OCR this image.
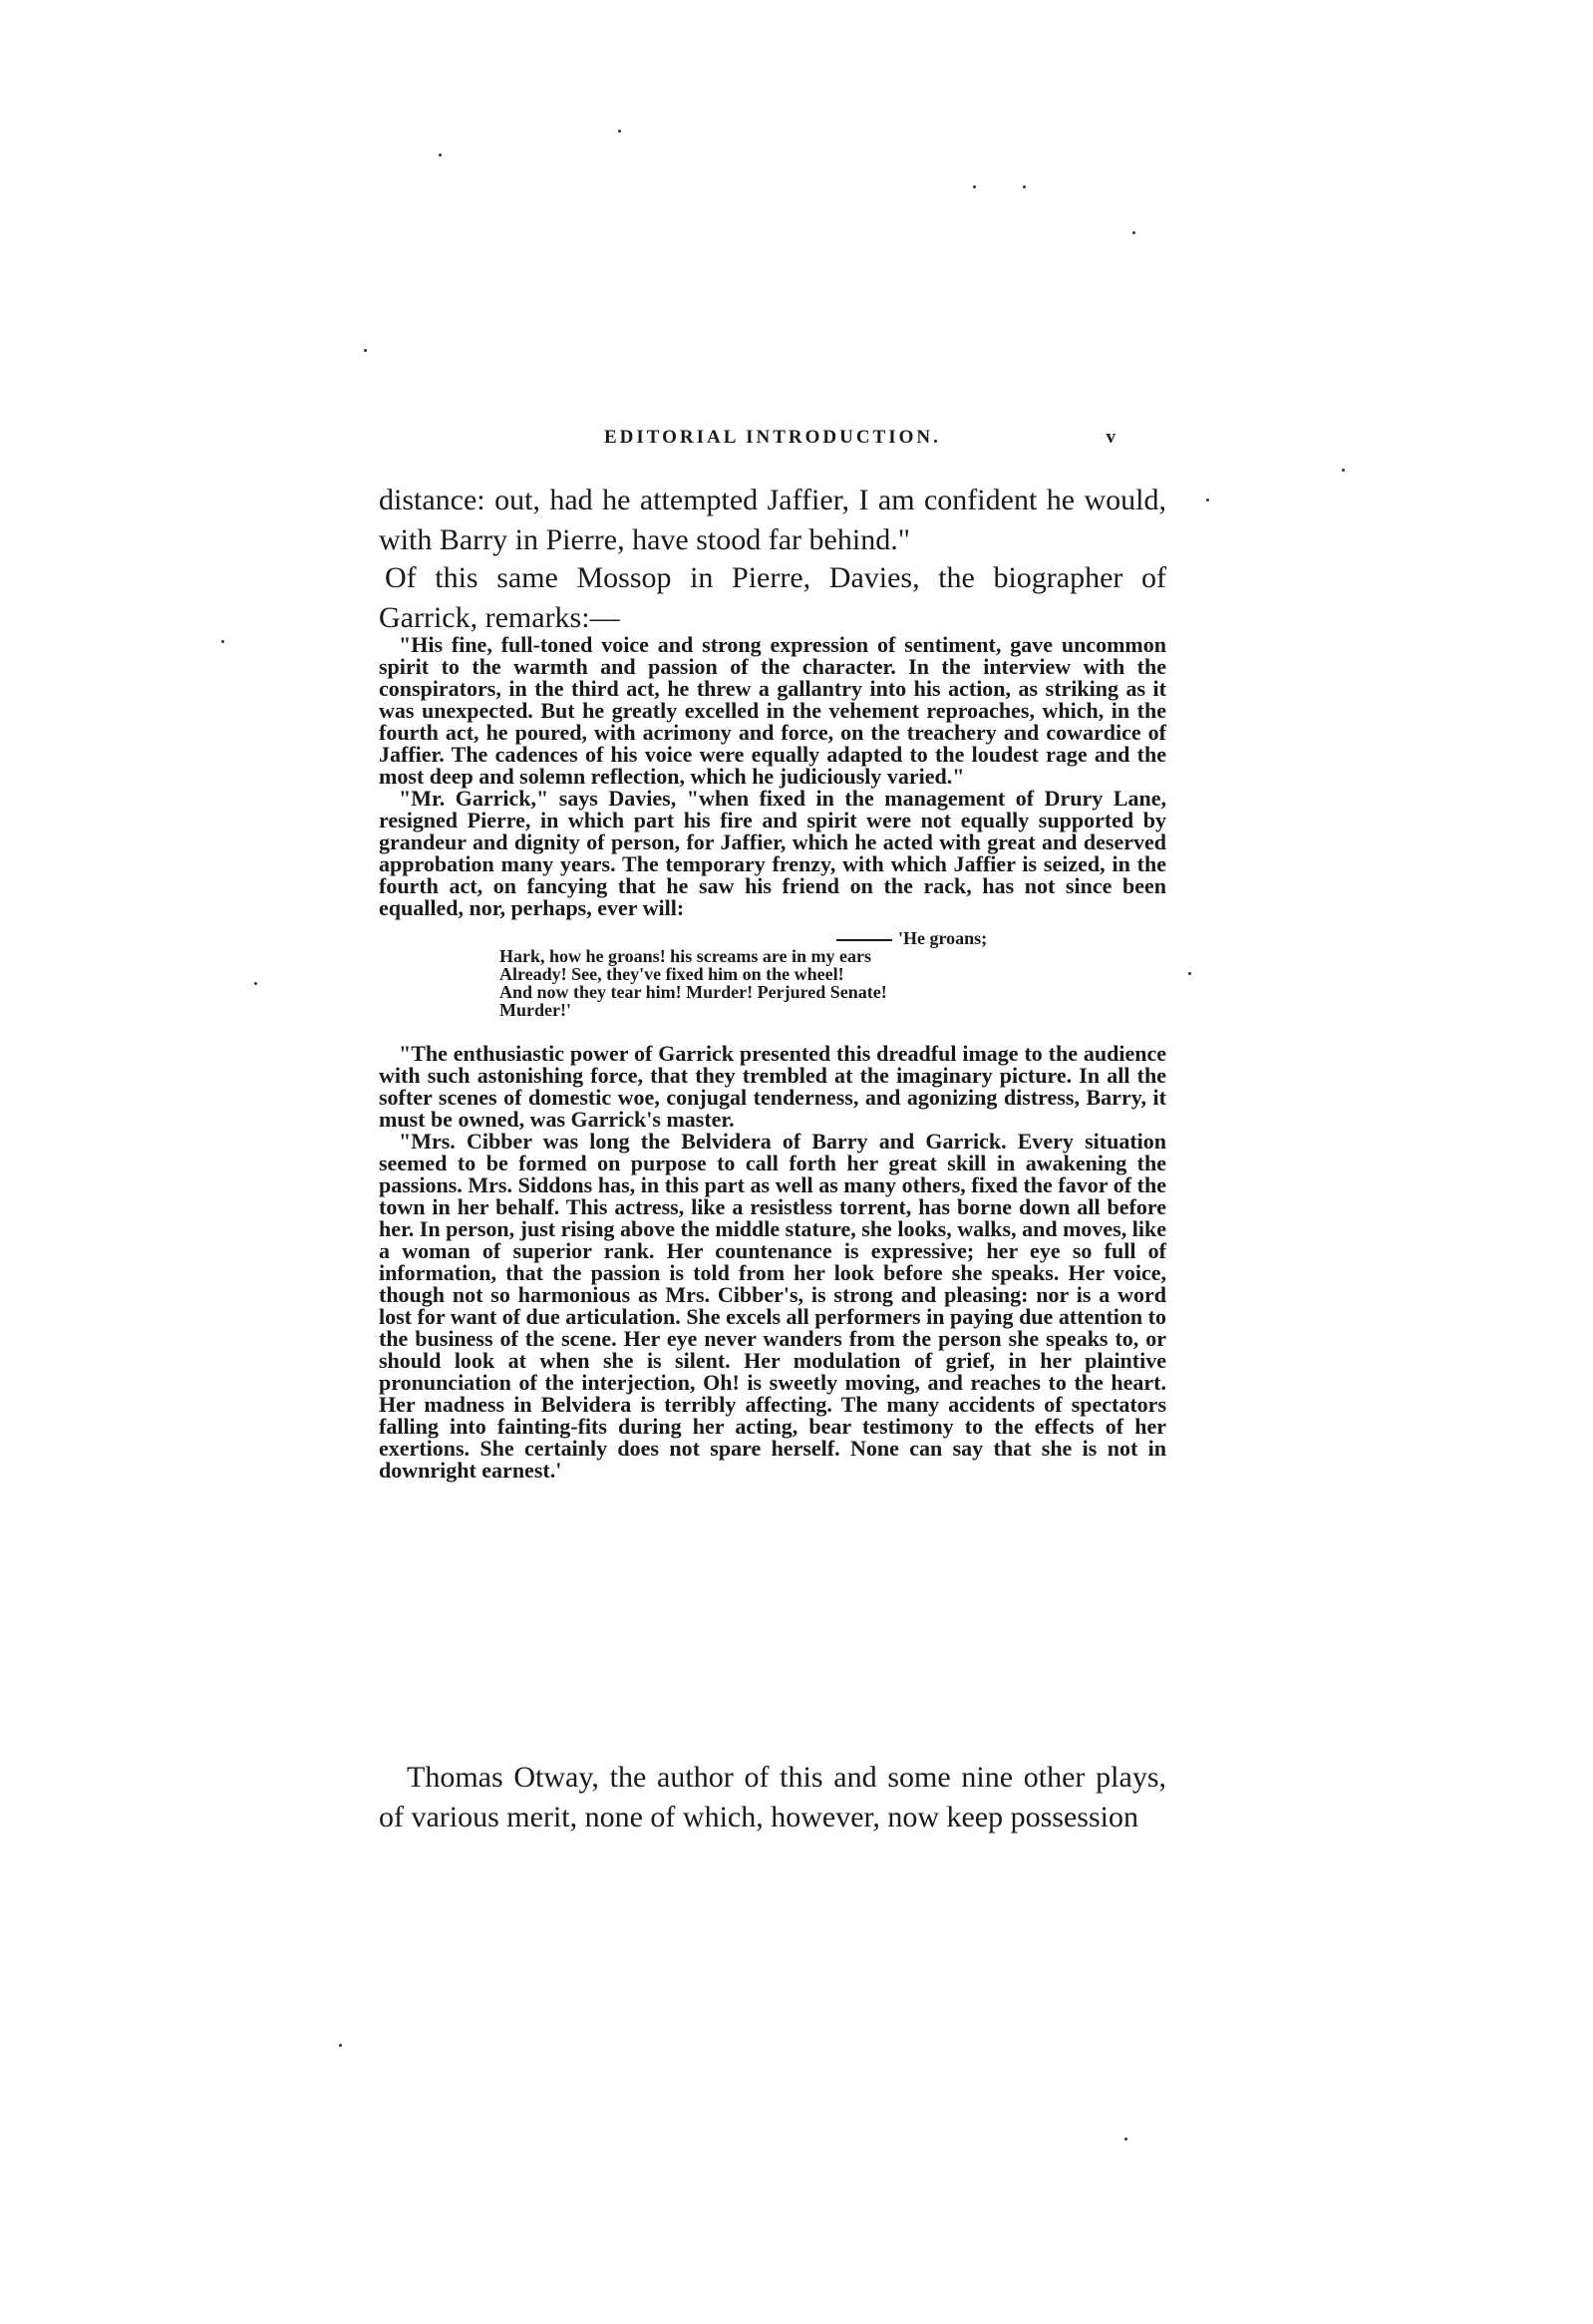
EDITORIAL INTRODUCTION.	v

distance: out, had he attempted Jaffier, I am confident he would, with Barry in Pierre, have stood far behind."

Of this same Mossop in Pierre, Davies, the biographer of Garrick, remarks:—

"His fine, full-toned voice and strong expression of sentiment, gave uncommon spirit to the warmth and passion of the character. In the interview with the conspirators, in the third act, he threw a gallantry into his action, as striking as it was unexpected. But he greatly excelled in the vehement reproaches, which, in the fourth act, he poured, with acrimony and force, on the treachery and cowardice of Jaffier. The cadences of his voice were equally adapted to the loudest rage and the most deep and solemn reflection, which he judiciously varied."

"Mr. Garrick," says Davies, "when fixed in the management of Drury Lane, resigned Pierre, in which part his fire and spirit were not equally supported by grandeur and dignity of person, for Jaffier, which he acted with great and deserved approbation many years. The temporary frenzy, with which Jaffier is seized, in the fourth act, on fancying that he saw his friend on the rack, has not since been equalled, nor, perhaps, ever will:

'He groans;
Hark, how he groans! his screams are in my ears
Already! See, they've fixed him on the wheel!
And now they tear him! Murder! Perjured Senate!
Murder!'

"The enthusiastic power of Garrick presented this dreadful image to the audience with such astonishing force, that they trembled at the imaginary picture. In all the softer scenes of domestic woe, conjugal tenderness, and agonizing distress, Barry, it must be owned, was Garrick's master.

"Mrs. Cibber was long the Belvidera of Barry and Garrick. Every situation seemed to be formed on purpose to call forth her great skill in awakening the passions. Mrs. Siddons has, in this part as well as many others, fixed the favor of the town in her behalf. This actress, like a resistless torrent, has borne down all before her. In person, just rising above the middle stature, she looks, walks, and moves, like a woman of superior rank. Her countenance is expressive; her eye so full of information, that the passion is told from her look before she speaks. Her voice, though not so harmonious as Mrs. Cibber's, is strong and pleasing: nor is a word lost for want of due articulation. She excels all performers in paying due attention to the business of the scene. Her eye never wanders from the person she speaks to, or should look at when she is silent. Her modulation of grief, in her plaintive pronunciation of the interjection, Oh! is sweetly moving, and reaches to the heart. Her madness in Belvidera is terribly affecting. The many accidents of spectators falling into fainting-fits during her acting, bear testimony to the effects of her exertions. She certainly does not spare herself. None can say that she is not in downright earnest.'

Thomas Otway, the author of this and some nine other plays, of various merit, none of which, however, now keep possession
